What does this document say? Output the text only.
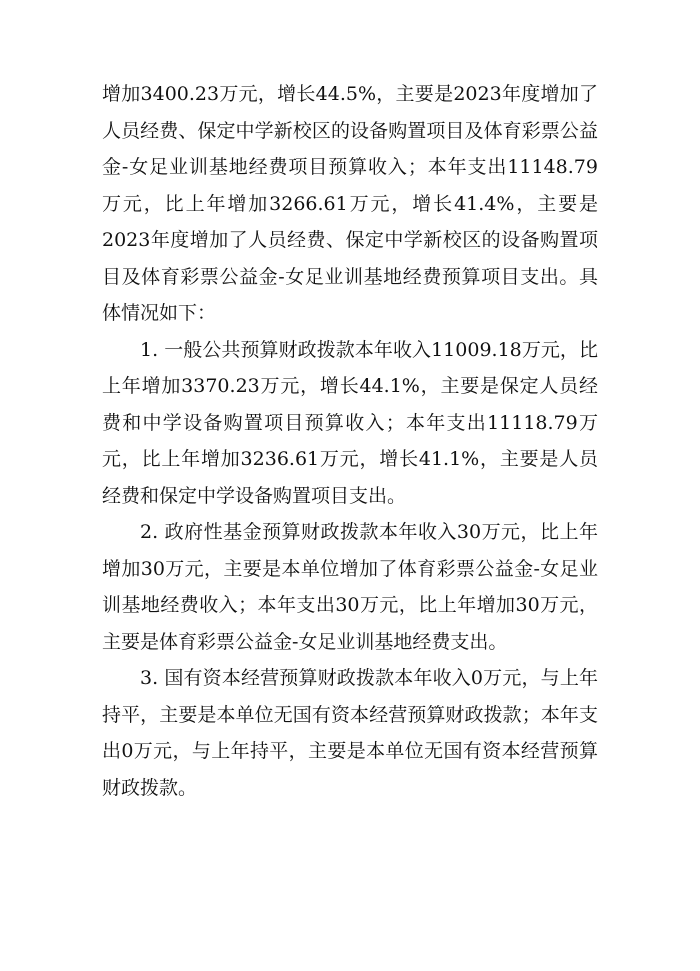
增加3400.23万元，增长44.5%，主要是2023年度增加了人员经费、保定中学新校区的设备购置项目及体育彩票公益金-女足业训基地经费项目预算收入；本年支出11148.79万元，比上年增加3266.61万元，增长41.4%，主要是2023年度增加了人员经费、保定中学新校区的设备购置项目及体育彩票公益金-女足业训基地经费预算项目支出。具体情况如下：

1. 一般公共预算财政拨款本年收入11009.18万元，比上年增加3370.23万元，增长44.1%，主要是保定人员经费和中学设备购置项目预算收入；本年支出11118.79万元，比上年增加3236.61万元，增长41.1%，主要是人员经费和保定中学设备购置项目支出。

2. 政府性基金预算财政拨款本年收入30万元，比上年增加30万元，主要是本单位增加了体育彩票公益金-女足业训基地经费收入；本年支出30万元，比上年增加30万元，主要是体育彩票公益金-女足业训基地经费支出。

3. 国有资本经营预算财政拨款本年收入0万元，与上年持平，主要是本单位无国有资本经营预算财政拨款；本年支出0万元，与上年持平，主要是本单位无国有资本经营预算财政拨款。
